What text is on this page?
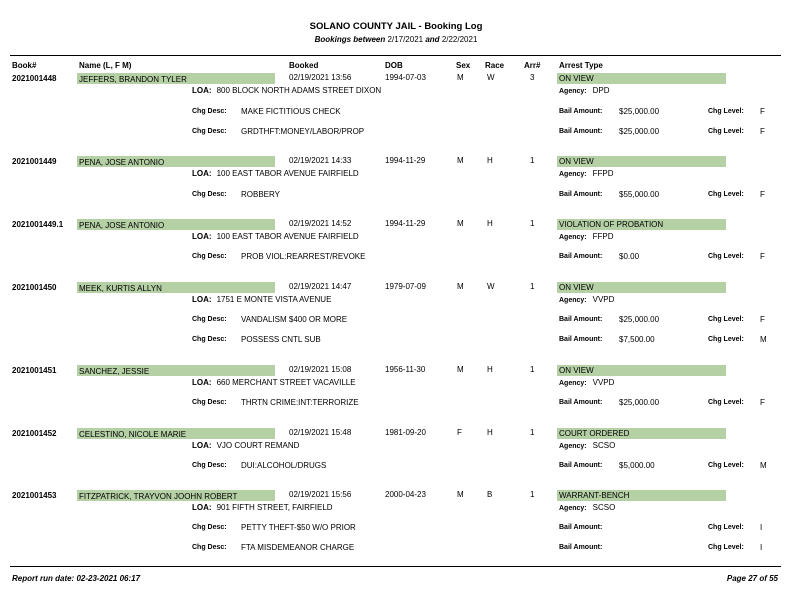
SOLANO COUNTY JAIL - Booking Log
Bookings between 2/17/2021 and 2/22/2021
Book#	Name (L, F M)	Booked	DOB	Sex Race Arr# Arrest Type
2021001448	JEFFERS, BRANDON TYLER	02/19/2021 13:56	1994-07-03	M	W	3	ON VIEW
LOA: 800 BLOCK NORTH ADAMS STREET DIXON	Agency: DPD
Chg Desc: MAKE FICTITIOUS CHECK	Bail Amount: $25,000.00	Chg Level: F
Chg Desc: GRDTHFT:MONEY/LABOR/PROP	Bail Amount: $25,000.00	Chg Level: F
2021001449	PENA, JOSE ANTONIO	02/19/2021 14:33	1994-11-29	M	H	1	ON VIEW
LOA: 100 EAST TABOR AVENUE FAIRFIELD	Agency: FFPD
Chg Desc: ROBBERY	Bail Amount: $55,000.00	Chg Level: F
2021001449.1 PENA, JOSE ANTONIO	02/19/2021 14:52	1994-11-29	M	H	1	VIOLATION OF PROBATION
LOA: 100 EAST TABOR AVENUE FAIRFIELD	Agency: FFPD
Chg Desc: PROB VIOL:REARREST/REVOKE	Bail Amount: $0.00	Chg Level: F
2021001450	MEEK, KURTIS ALLYN	02/19/2021 14:47	1979-07-09	M	W	1	ON VIEW
LOA: 1751 E MONTE VISTA AVENUE	Agency: VVPD
Chg Desc: VANDALISM $400 OR MORE	Bail Amount: $25,000.00	Chg Level: F
Chg Desc: POSSESS CNTL SUB	Bail Amount: $7,500.00	Chg Level: M
2021001451	SANCHEZ, JESSIE	02/19/2021 15:08	1956-11-30	M	H	1	ON VIEW
LOA: 660 MERCHANT STREET VACAVILLE	Agency: VVPD
Chg Desc: THRTN CRIME:INT:TERRORIZE	Bail Amount: $25,000.00	Chg Level: F
2021001452	CELESTINO, NICOLE MARIE	02/19/2021 15:48	1981-09-20	F	H	1	COURT ORDERED
LOA: VJO COURT REMAND	Agency: SCSO
Chg Desc: DUI:ALCOHOL/DRUGS	Bail Amount: $5,000.00	Chg Level: M
2021001453	FITZPATRICK, TRAYVON JOOHN ROBERT	02/19/2021 15:56	2000-04-23	M	B	1	WARRANT-BENCH
LOA: 901 FIFTH STREET, FAIRFIELD	Agency: SCSO
Chg Desc: PETTY THEFT-$50 W/O PRIOR	Bail Amount:	Chg Level: I
Chg Desc: FTA MISDEMEANOR CHARGE	Bail Amount:	Chg Level: I
Report run date: 02-23-2021 06:17	Page 27 of 55
